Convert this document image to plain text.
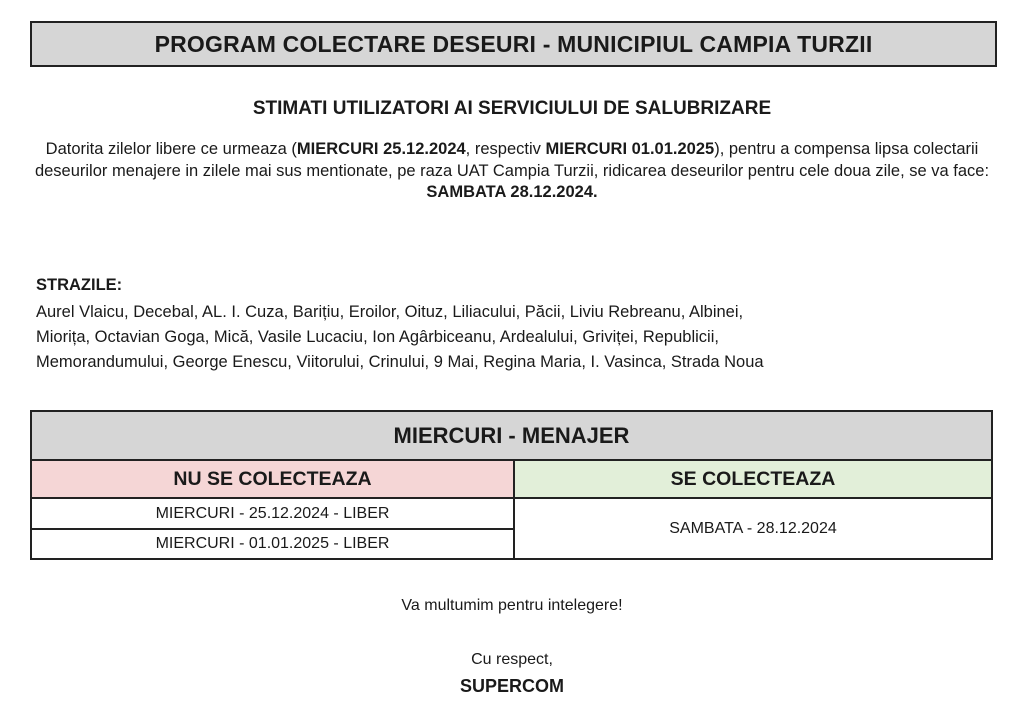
PROGRAM COLECTARE DESEURI - MUNICIPIUL CAMPIA TURZII
STIMATI UTILIZATORI AI SERVICIULUI DE SALUBRIZARE
Datorita zilelor libere ce urmeaza (MIERCURI 25.12.2024, respectiv MIERCURI 01.01.2025), pentru a compensa lipsa colectarii deseurilor menajere in zilele mai sus mentionate, pe raza UAT Campia Turzii, ridicarea deseurilor pentru cele doua zile, se va face:
SAMBATA 28.12.2024.
STRAZILE:
Aurel Vlaicu, Decebal, AL. I. Cuza, Barițiu, Eroilor, Oituz, Liliacului, Păcii, Liviu Rebreanu, Albinei,
Miorița, Octavian Goga, Mică, Vasile Lucaciu, Ion Agârbiceanu, Ardealului, Griviței, Republicii,
Memorandumului, George Enescu, Viitorului, Crinului, 9 Mai, Regina Maria, I. Vasinca, Strada Noua
MIERCURI - MENAJER
NU SE COLECTEAZA	SE COLECTEAZA
MIERCURI - 25.12.2024 - LIBER
MIERCURI - 01.01.2025 - LIBER
SAMBATA - 28.12.2024
Va multumim pentru intelegere!
Cu respect,
SUPERCOM
